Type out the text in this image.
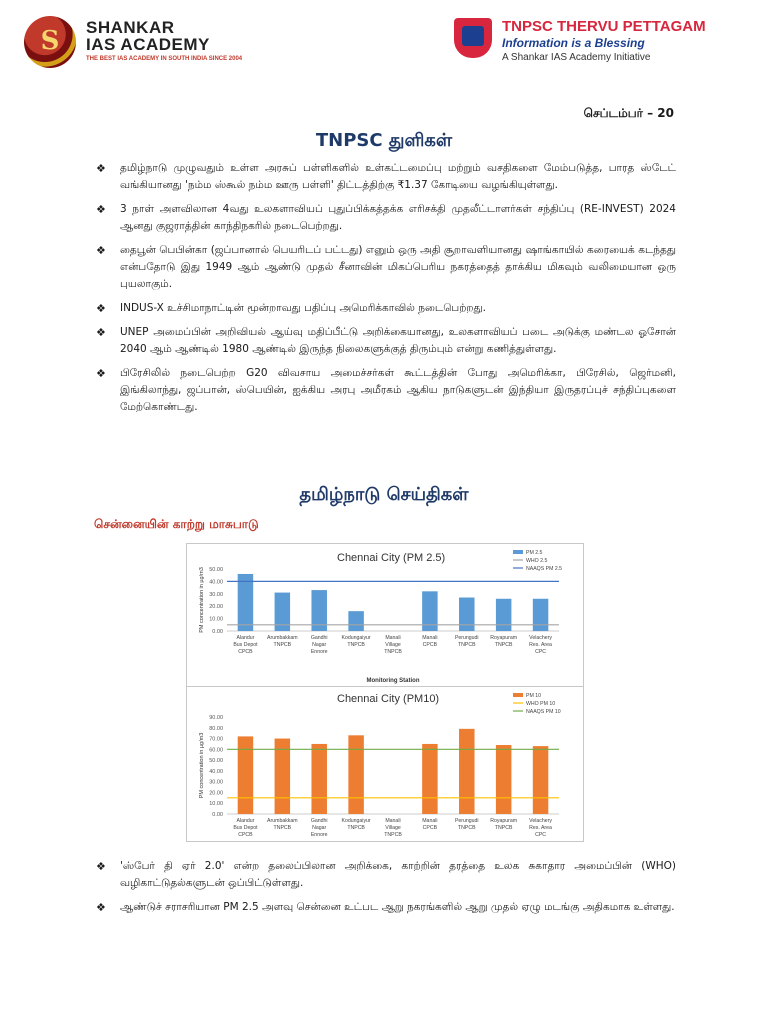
S	SHANKAR
IAS ACADEMY
THE BEST IAS ACADEMY IN SOUTH INDIA SINCE 2004
TNPSC THERVU PETTAGAM
Information is a Blessing
A Shankar IAS Academy Initiative
செப்டம்பர் – 20
TNPSC துளிகள்
❖ தமிழ்நாடு முழுவதும் உள்ள அரசுப் பள்ளிகளில் உள்கட்டமைப்பு மற்றும் வசதிகளை மேம்படுத்த, பாரத ஸ்டேட் வங்கியானது 'நம்ம ஸ்கூல் நம்ம ஊரு பள்ளி' திட்டத்திற்கு ₹1.37 கோடியை வழங்கியுள்ளது.
❖ 3 நாள் அளவிலான 4வது உலகளாவியப் புதுப்பிக்கத்தக்க எரிசக்தி முதலீட்டாளர்கள் சந்திப்பு (RE-INVEST) 2024 ஆனது குஜராத்தின் காந்திநகரில் நடைபெற்றது.
❖ தைபூன் பெபின்கா (ஜப்பானால் பெயரிடப் பட்டது) எனும் ஒரு அதி சூறாவளியானது ஷாங்காயில் கரையைக் கடந்தது என்பதோடு இது 1949 ஆம் ஆண்டு முதல் சீனாவின் மிகப்பெரிய நகரத்தைத் தாக்கிய மிகவும் வலிமையான ஒரு புயலாகும்.
❖ INDUS-X உச்சிமாநாட்டின் மூன்றாவது பதிப்பு அமெரிக்காவில் நடைபெற்றது.
❖ UNEP அமைப்பின் அறிவியல் ஆய்வு மதிப்பீட்டு அறிக்கையானது, உலகளாவியப் படை அடுக்கு மண்டல ஓசோன் 2040 ஆம் ஆண்டில் 1980 ஆண்டில் இருந்த நிலைகளுக்குத் திரும்பும் என்று கணித்துள்ளது.
❖ பிரேசிலில் நடைபெற்ற G20 விவசாய அமைச்சர்கள் கூட்டத்தின் போது அமெரிக்கா, பிரேசில், ஜெர்மனி, இங்கிலாந்து, ஜப்பான், ஸ்பெயின், ஐக்கிய அரபு அமீரகம் ஆகிய நாடுகளுடன் இந்தியா இருதரப்புச் சந்திப்புகளை மேற்கொண்டது.
தமிழ்நாடு செய்திகள்
சென்னையின் காற்று மாசுபாடு
Chennai City (PM 2.5)
0.00
10.00
20.00
30.00
40.00
50.00
PM concentration in µg/m3
Alandur Bus Depot CPCB
Arumbakkam TNPCB
Gandhi Nagar Ennore
Kodungaiyur TNPCB
Manali Village TNPCB
Manali CPCB
Perungudi TNPCB
Royapuram TNPCB
Velachery Res. Area CPC
Monitoring Station
PM 2.5
WHO 2.5
NAAQS PM 2.5
Chennai City (PM10)
0.00
10.00
20.00
30.00
40.00
50.00
60.00
70.00
80.00
90.00
PM concentration in µg/m3
Alandur Bus Depot CPCB
Arumbakkam TNPCB
Gandhi Nagar Ennore
Kodungaiyur TNPCB
Manali Village TNPCB
Manali CPCB
Perungudi TNPCB
Royapuram TNPCB
Velachery Res. Area CPC
PM 10
WHO PM 10
NAAQS PM 10
❖ 'ஸ்பேர் தி ஏர் 2.0' என்ற தலைப்பிலான அறிக்கை, காற்றின் தரத்தை உலக சுகாதார அமைப்பின் (WHO) வழிகாட்டுதல்களுடன் ஒப்பிட்டுள்ளது.
❖ ஆண்டுச் சராசரியான PM 2.5 அளவு சென்னை உட்பட ஆறு நகரங்களில் ஆறு முதல் ஏழு மடங்கு அதிகமாக உள்ளது.
